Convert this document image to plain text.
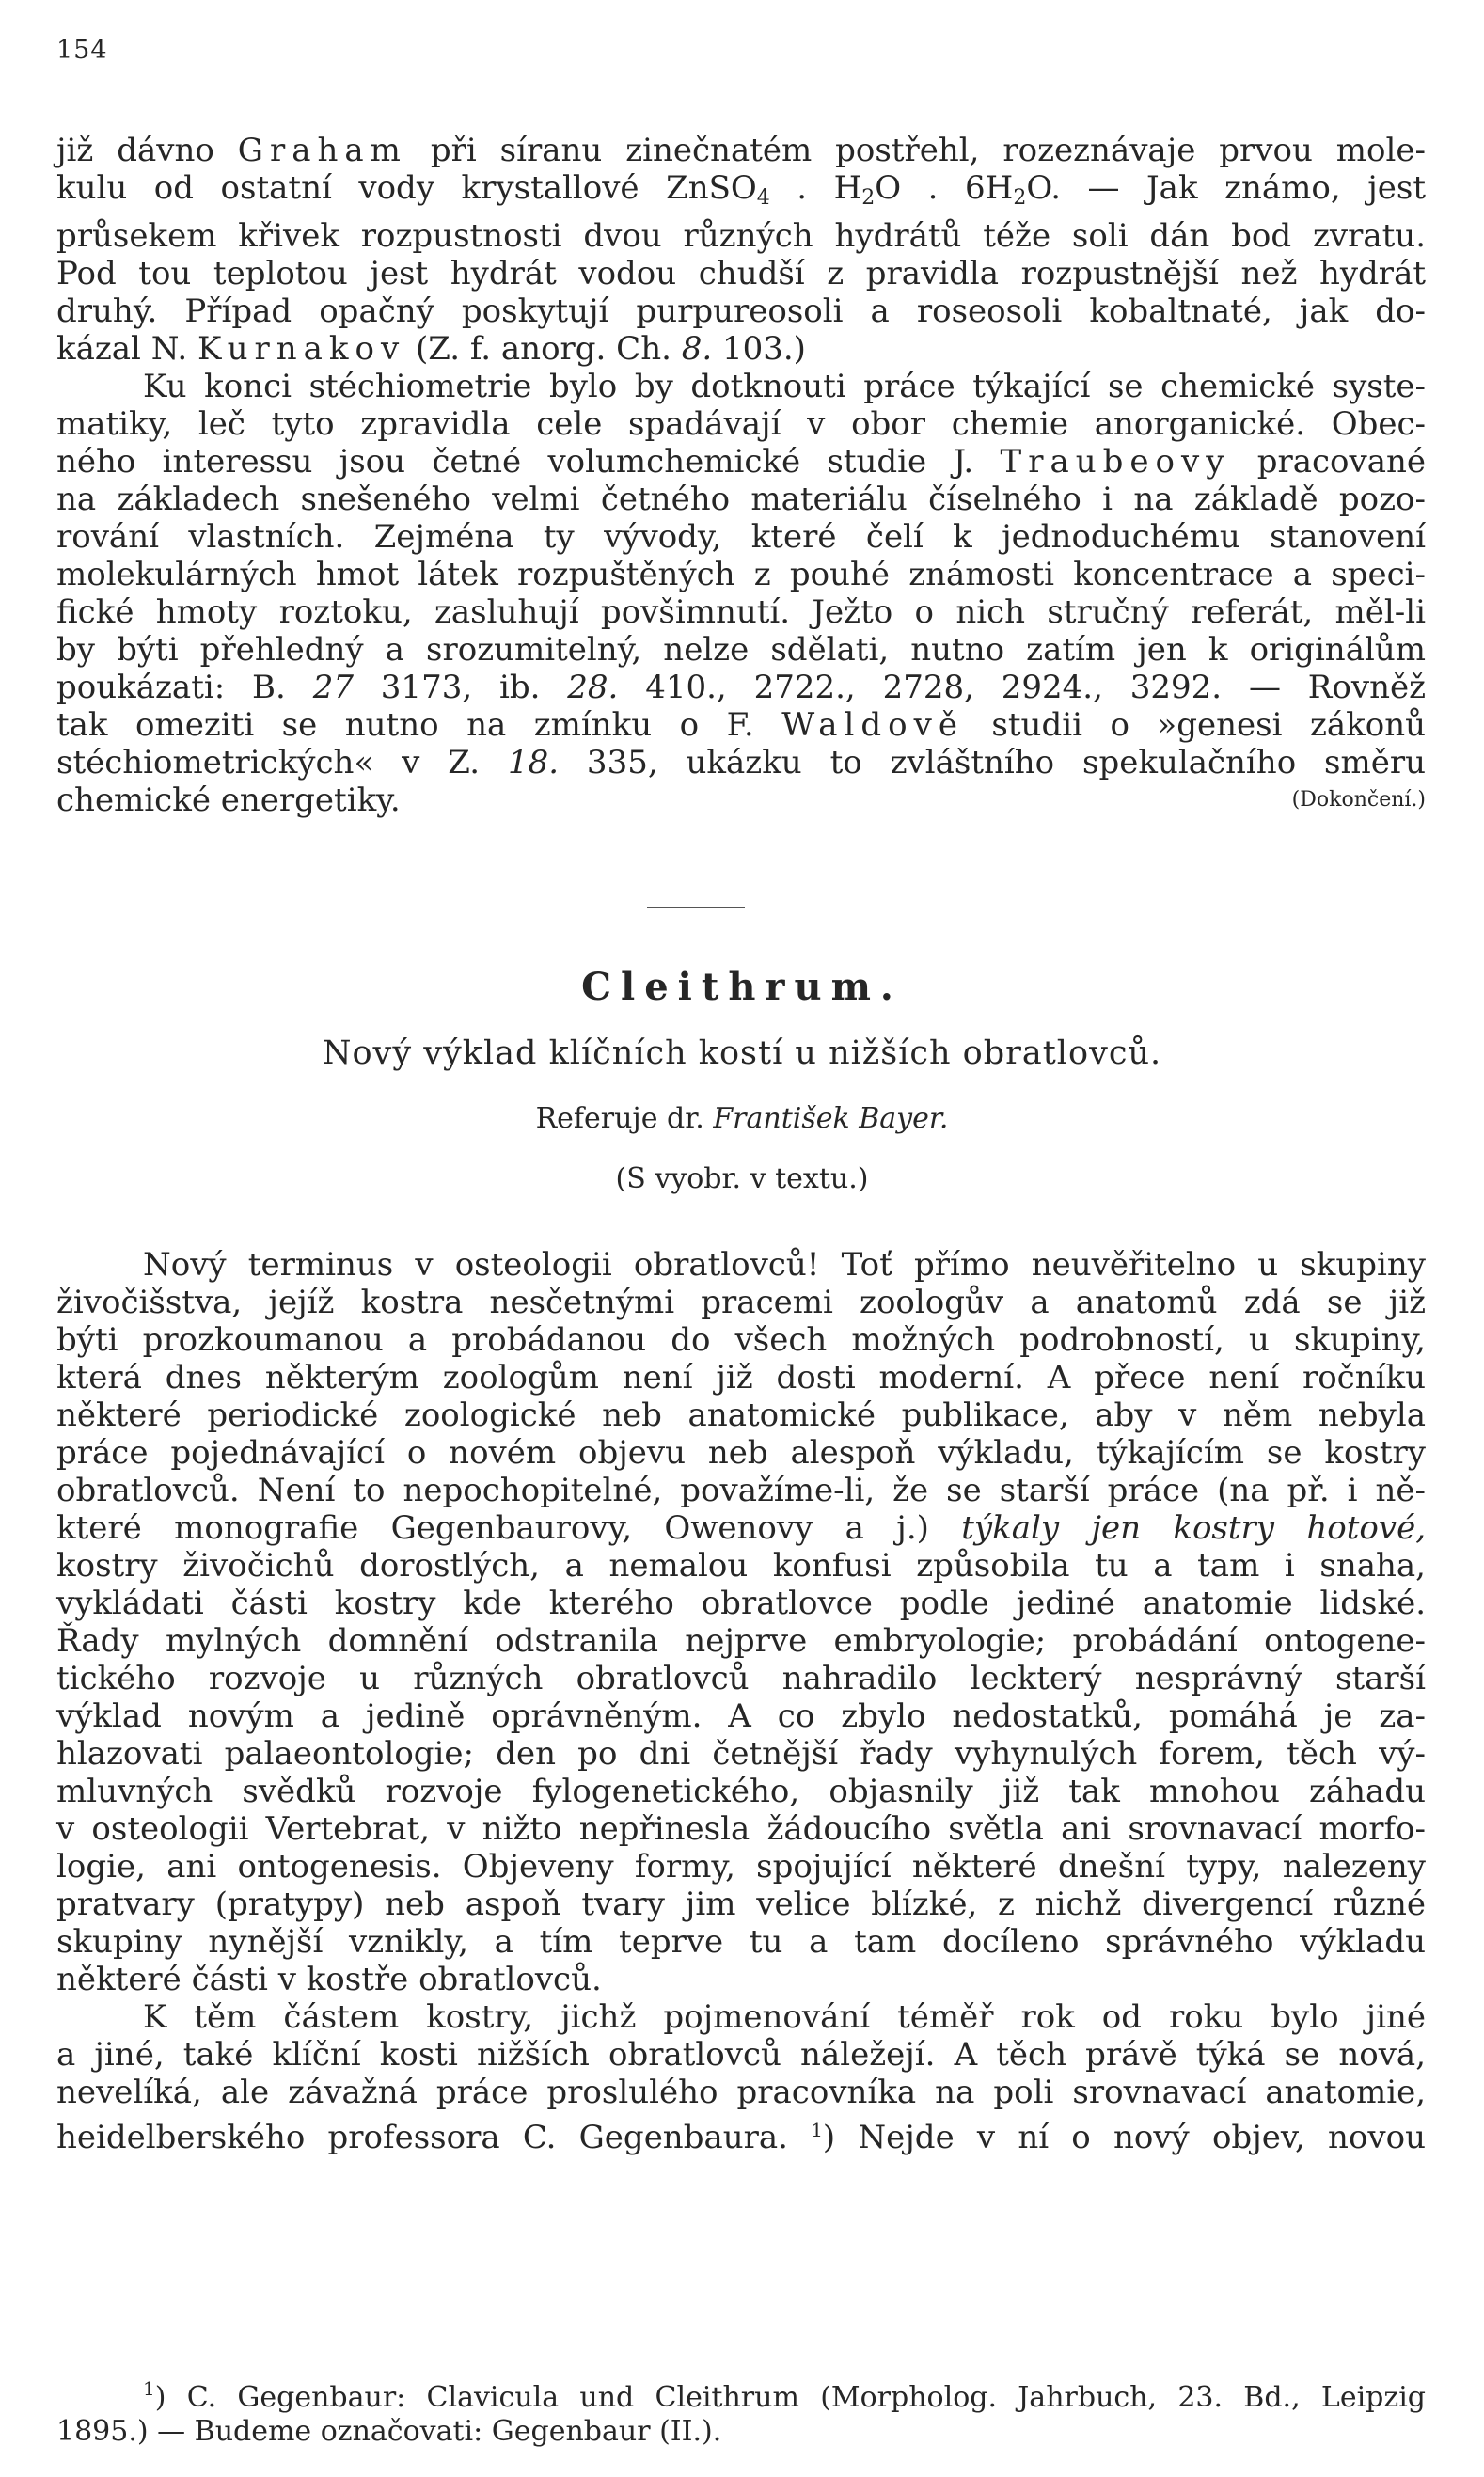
154
již dávno Graham při síranu zinečnatém postřehl, rozeznávaje prvou mole-
kulu od ostatní vody krystallové ZnSO$_4$ . $H_2O$ . $6H_2O$. — Jak známo, jest
průsekem křivek rozpustnosti dvou různých hydrátů téže soli dán bod zvratu.
Pod tou teplotou jest hydrát vodou chudší z pravidla rozpustnější než hydrát
druhý. Případ opačný poskytují purpureosoli a roseosoli kobaltnaté, jak do-
kázal N. Kurnakov (Z. f. anorg. Ch. 8. 103.)
Ku konci stéchiometrie bylo by dotknouti práce týkající se chemické syste-
matiky, leč tyto zpravidla cele spadávají v obor chemie anorganické. Obec-
ného interessu jsou četné volumchemické studie J. Traubeovy pracované
na základech snešeného velmi četného materiálu číselného i na základě pozo-
rování vlastních. Zejména ty vývody, které čelí k jednoduchému stanovení
molekulárných hmot látek rozpuštěných z pouhé známosti koncentrace a speci-
fické hmoty roztoku, zasluhují povšimnutí. Ježto o nich stručný referát, měl-li
by býti přehledný a srozumitelný, nelze sdělati, nutno zatím jen k originálům
poukázati: B. 27 3173, ib. 28. 410., 2722., 2728, 2924., 3292. — Rovněž
tak omeziti se nutno na zmínku o F. Waldově studii o »genesi zákonů
stéchiometrických« v Z. 18. 335, ukázku to zvláštního spekulačního směru
chemické energetiky.	(Dokončení.)
Cleithrum.
Nový výklad klíčních kostí u nižších obratlovců.
Referuje dr. František Bayer.
(S vyobr. v textu.)
Nový terminus v osteologii obratlovců! Toť přímo neuvěřitelno u skupiny
živočišstva, jejíž kostra nesčetnými pracemi zoologův a anatomů zdá se již
býti prozkoumanou a probádanou do všech možných podrobností, u skupiny,
která dnes některým zoologům není již dosti moderní. A přece není ročníku
některé periodické zoologické neb anatomické publikace, aby v něm nebyla
práce pojednávající o novém objevu neb alespoň výkladu, týkajícím se kostry
obratlovců. Není to nepochopitelné, považíme-li, že se starší práce (na př. i ně-
které monografie Gegenbaurovy, Owenovy a j.) týkaly jen kostry hotové,
kostry živočichů dorostlých, a nemalou konfusi způsobila tu a tam i snaha,
vykládati části kostry kde kterého obratlovce podle jediné anatomie lidské.
Řady mylných domnění odstranila nejprve embryologie; probádání ontogene-
tického rozvoje u různých obratlovců nahradilo leckterý nesprávný starší
výklad novým a jedině oprávněným. A co zbylo nedostatků, pomáhá je za-
hlazovati palaeontologie; den po dni četnější řady vyhynulých forem, těch vý-
mluvných svědků rozvoje fylogenetického, objasnily již tak mnohou záhadu
v osteologii Vertebrat, v nižto nepřinesla žádoucího světla ani srovnavací morfo-
logie, ani ontogenesis. Objeveny formy, spojující některé dnešní typy, nalezeny
pratvary (pratypy) neb aspoň tvary jim velice blízké, z nichž divergencí různé
skupiny nynější vznikly, a tím teprve tu a tam docíleno správného výkladu
některé části v kostře obratlovců.
K těm částem kostry, jichž pojmenování téměř rok od roku bylo jiné
a jiné, také klíční kosti nižších obratlovců náležejí. A těch právě týká se nová,
nevelíká, ale závažná práce proslulého pracovníka na poli srovnavací anatomie,
heidelberského professora C. Gegenbaura. $^1$) Nejde v ní o nový objev, novou
$^1$) C. Gegenbaur: Clavicula und Cleithrum (Morpholog. Jahrbuch, 23. Bd., Leipzig
1895.) — Budeme označovati: Gegenbaur (II.).
